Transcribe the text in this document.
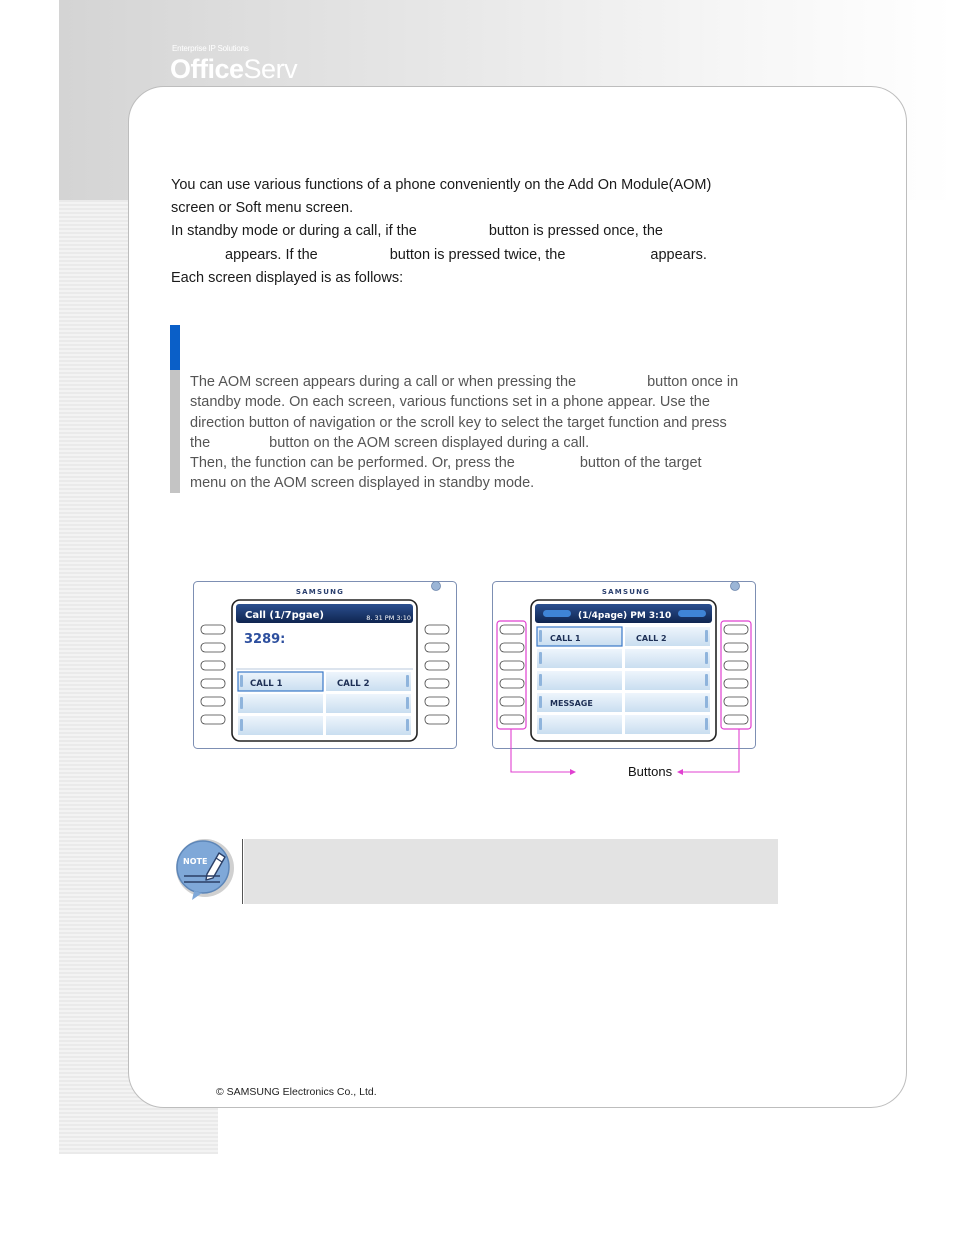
Enterprise IP Solutions
OfficeServ

You can use various functions of a phone conveniently on the Add On Module(AOM)

screen or Soft menu screen.

In standby mode or during a call, if the	button is pressed once, the

appears. If the	button is pressed twice, the	appears.

Each screen displayed is as follows:

The AOM screen appears during a call or when pressing the	button once in

standby mode. On each screen, various functions set in a phone appear. Use the

direction button of navigation or the scroll key to select the target function and press

the	button on the AOM screen displayed during a call.

Then, the function can be performed. Or, press the	button of the target

menu on the AOM screen displayed in standby mode.

SAMSUNG
Call (1/7pgae)	8. 31 PM 3:10
3289:
CALL 1	CALL 2
SAMSUNG
(1/4page) PM 3:10
CALL 1	CALL 2
MESSAGE
Buttons
NOTE
© SAMSUNG Electronics Co., Ltd.
